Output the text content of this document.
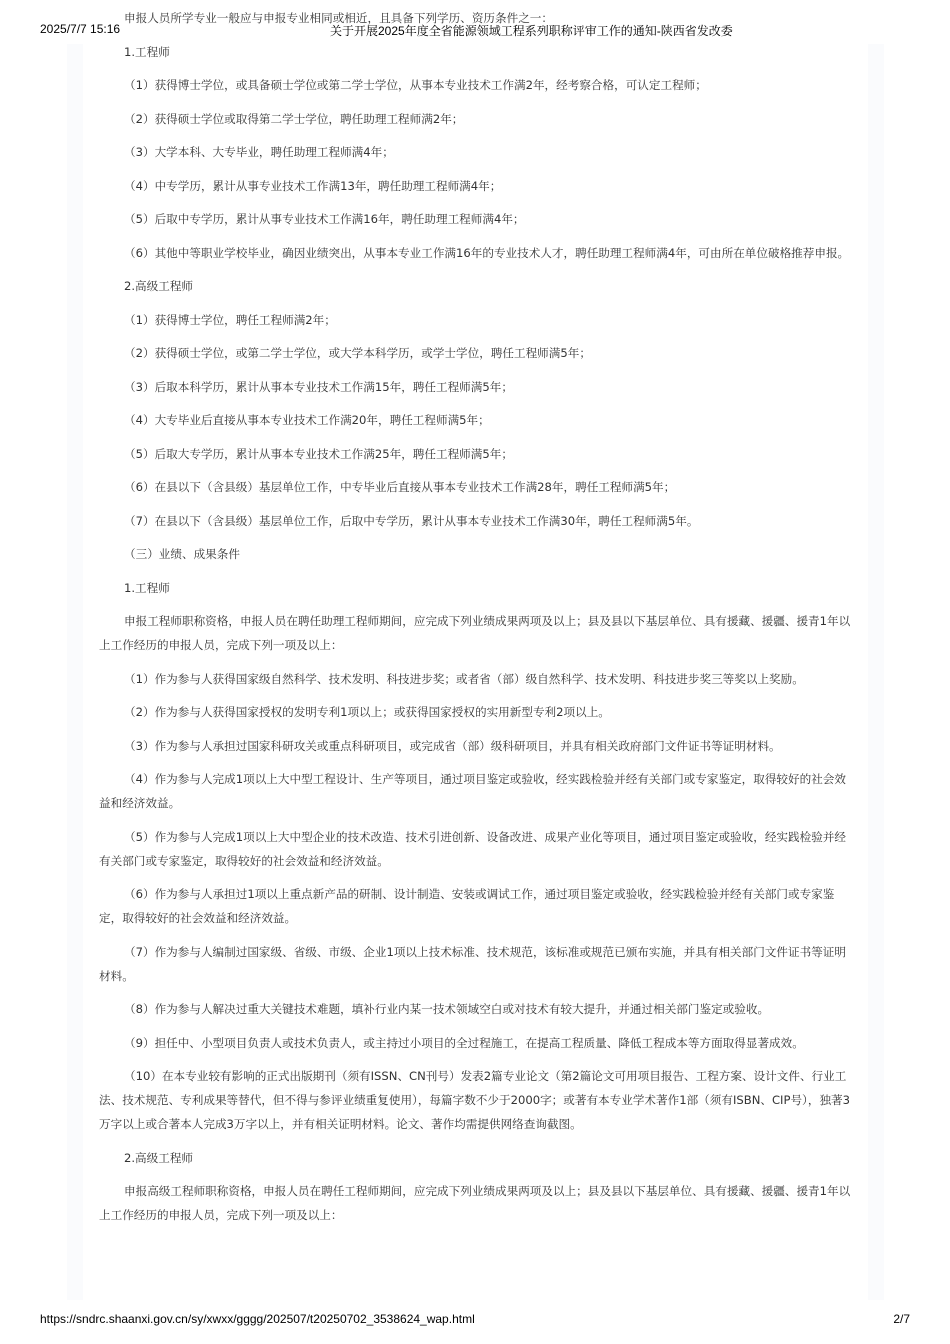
2025/7/7 15:16	关于开展2025年度全省能源领域工程系列职称评审工作的通知-陕西省发改委

申报人员所学专业一般应与申报专业相同或相近，且具备下列学历、资历条件之一：

1.工程师

（1）获得博士学位，或具备硕士学位或第二学士学位，从事本专业技术工作满2年，经考察合格，可认定工程师；

（2）获得硕士学位或取得第二学士学位，聘任助理工程师满2年；

（3）大学本科、大专毕业，聘任助理工程师满4年；

（4）中专学历，累计从事专业技术工作满13年，聘任助理工程师满4年；

（5）后取中专学历，累计从事专业技术工作满16年，聘任助理工程师满4年；

（6）其他中等职业学校毕业，确因业绩突出，从事本专业工作满16年的专业技术人才，聘任助理工程师满4年，可由所在单位破格推荐申报。

2.高级工程师

（1）获得博士学位，聘任工程师满2年；

（2）获得硕士学位，或第二学士学位，或大学本科学历，或学士学位，聘任工程师满5年；

（3）后取本科学历，累计从事本专业技术工作满15年，聘任工程师满5年；

（4）大专毕业后直接从事本专业技术工作满20年，聘任工程师满5年；

（5）后取大专学历，累计从事本专业技术工作满25年，聘任工程师满5年；

（6）在县以下（含县级）基层单位工作，中专毕业后直接从事本专业技术工作满28年，聘任工程师满5年；

（7）在县以下（含县级）基层单位工作，后取中专学历，累计从事本专业技术工作满30年，聘任工程师满5年。

（三）业绩、成果条件

1.工程师

申报工程师职称资格，申报人员在聘任助理工程师期间，应完成下列业绩成果两项及以上；县及县以下基层单位、具有援藏、援疆、援青1年以上工作经历的申报人员，完成下列一项及以上：

（1）作为参与人获得国家级自然科学、技术发明、科技进步奖；或者省（部）级自然科学、技术发明、科技进步奖三等奖以上奖励。

（2）作为参与人获得国家授权的发明专利1项以上；或获得国家授权的实用新型专利2项以上。

（3）作为参与人承担过国家科研攻关或重点科研项目，或完成省（部）级科研项目，并具有相关政府部门文件证书等证明材料。

（4）作为参与人完成1项以上大中型工程设计、生产等项目，通过项目鉴定或验收，经实践检验并经有关部门或专家鉴定，取得较好的社会效益和经济效益。

（5）作为参与人完成1项以上大中型企业的技术改造、技术引进创新、设备改进、成果产业化等项目，通过项目鉴定或验收，经实践检验并经有关部门或专家鉴定，取得较好的社会效益和经济效益。

（6）作为参与人承担过1项以上重点新产品的研制、设计制造、安装或调试工作，通过项目鉴定或验收，经实践检验并经有关部门或专家鉴定，取得较好的社会效益和经济效益。

（7）作为参与人编制过国家级、省级、市级、企业1项以上技术标准、技术规范，该标准或规范已颁布实施，并具有相关部门文件证书等证明材料。

（8）作为参与人解决过重大关键技术难题，填补行业内某一技术领域空白或对技术有较大提升，并通过相关部门鉴定或验收。

（9）担任中、小型项目负责人或技术负责人，或主持过小项目的全过程施工，在提高工程质量、降低工程成本等方面取得显著成效。

（10）在本专业较有影响的正式出版期刊（须有ISSN、CN刊号）发表2篇专业论文（第2篇论文可用项目报告、工程方案、设计文件、行业工法、技术规范、专利成果等替代，但不得与参评业绩重复使用），每篇字数不少于2000字；或著有本专业学术著作1部（须有ISBN、CIP号），独著3万字以上或合著本人完成3万字以上，并有相关证明材料。论文、著作均需提供网络查询截图。

2.高级工程师

申报高级工程师职称资格，申报人员在聘任工程师期间，应完成下列业绩成果两项及以上；县及县以下基层单位、具有援藏、援疆、援青1年以上工作经历的申报人员，完成下列一项及以上：

https://sndrc.shaanxi.gov.cn/sy/xwxx/gggg/202507/t20250702_3538624_wap.html	2/7
